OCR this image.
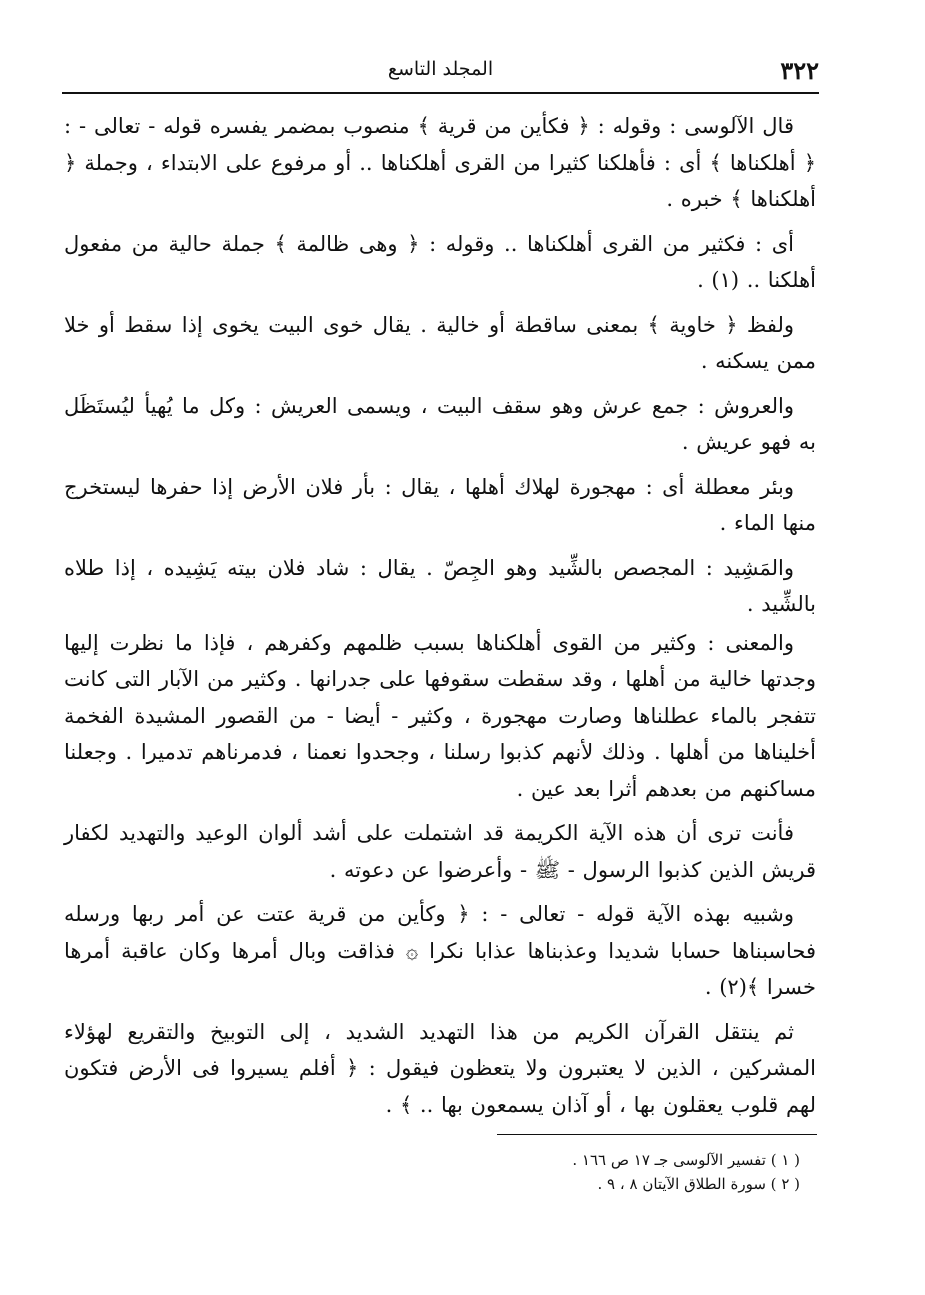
٣٢٢
المجلد التاسع

قال الآلوسى : وقوله : ﴿ فكأين من قرية ﴾ منصوب بمضمر يفسره قوله - تعالى - : ﴿ أهلكناها ﴾ أى : فأهلكنا كثيرا من القرى أهلكناها .. أو مرفوع على الابتداء ، وجملة ﴿ أهلكناها ﴾ خبره .

أى : فكثير من القرى أهلكناها .. وقوله : ﴿ وهى ظالمة ﴾ جملة حالية من مفعول أهلكنا .. (١) .

ولفظ ﴿ خاوية ﴾ بمعنى ساقطة أو خالية . يقال خوى البيت يخوى إذا سقط أو خلا ممن يسكنه .

والعروش : جمع عرش وهو سقف البيت ، ويسمى العريش : وكل ما يُهيأ ليُستَظَل به فهو عريش .

وبئر معطلة أى : مهجورة لهلاك أهلها ، يقال : بأر فلان الأرض إذا حفرها ليستخرج منها الماء .

والمَشِيد : المجصص بالشِّيد وهو الجِصّ . يقال : شاد فلان بيته يَشِيده ، إذا طلاه بالشِّيد .

والمعنى : وكثير من القوى أهلكناها بسبب ظلمهم وكفرهم ، فإذا ما نظرت إليها وجدتها خالية من أهلها ، وقد سقطت سقوفها على جدرانها . وكثير من الآبار التى كانت تتفجر بالماء عطلناها وصارت مهجورة ، وكثير - أيضا - من القصور المشيدة الفخمة أخليناها من أهلها . وذلك لأنهم كذبوا رسلنا ، وجحدوا نعمنا ، فدمرناهم تدميرا . وجعلنا مساكنهم من بعدهم أثرا بعد عين .

فأنت ترى أن هذه الآية الكريمة قد اشتملت على أشد ألوان الوعيد والتهديد لكفار قريش الذين كذبوا الرسول - ﷺ - وأعرضوا عن دعوته .

وشبيه بهذه الآية قوله - تعالى - : ﴿ وكأين من قرية عتت عن أمر ربها ورسله فحاسبناها حسابا شديدا وعذبناها عذابا نكرا ۞ فذاقت وبال أمرها وكان عاقبة أمرها خسرا ﴾(٢) .

ثم ينتقل القرآن الكريم من هذا التهديد الشديد ، إلى التوبيخ والتقريع لهؤلاء المشركين ، الذين لا يعتبرون ولا يتعظون فيقول : ﴿ أفلم يسيروا فى الأرض فتكون لهم قلوب يعقلون بها ، أو آذان يسمعون بها .. ﴾ .

( ١ ) تفسير الآلوسى جـ ١٧ ص ١٦٦ .

( ٢ ) سورة الطلاق الآيتان ٨ ، ٩ .
